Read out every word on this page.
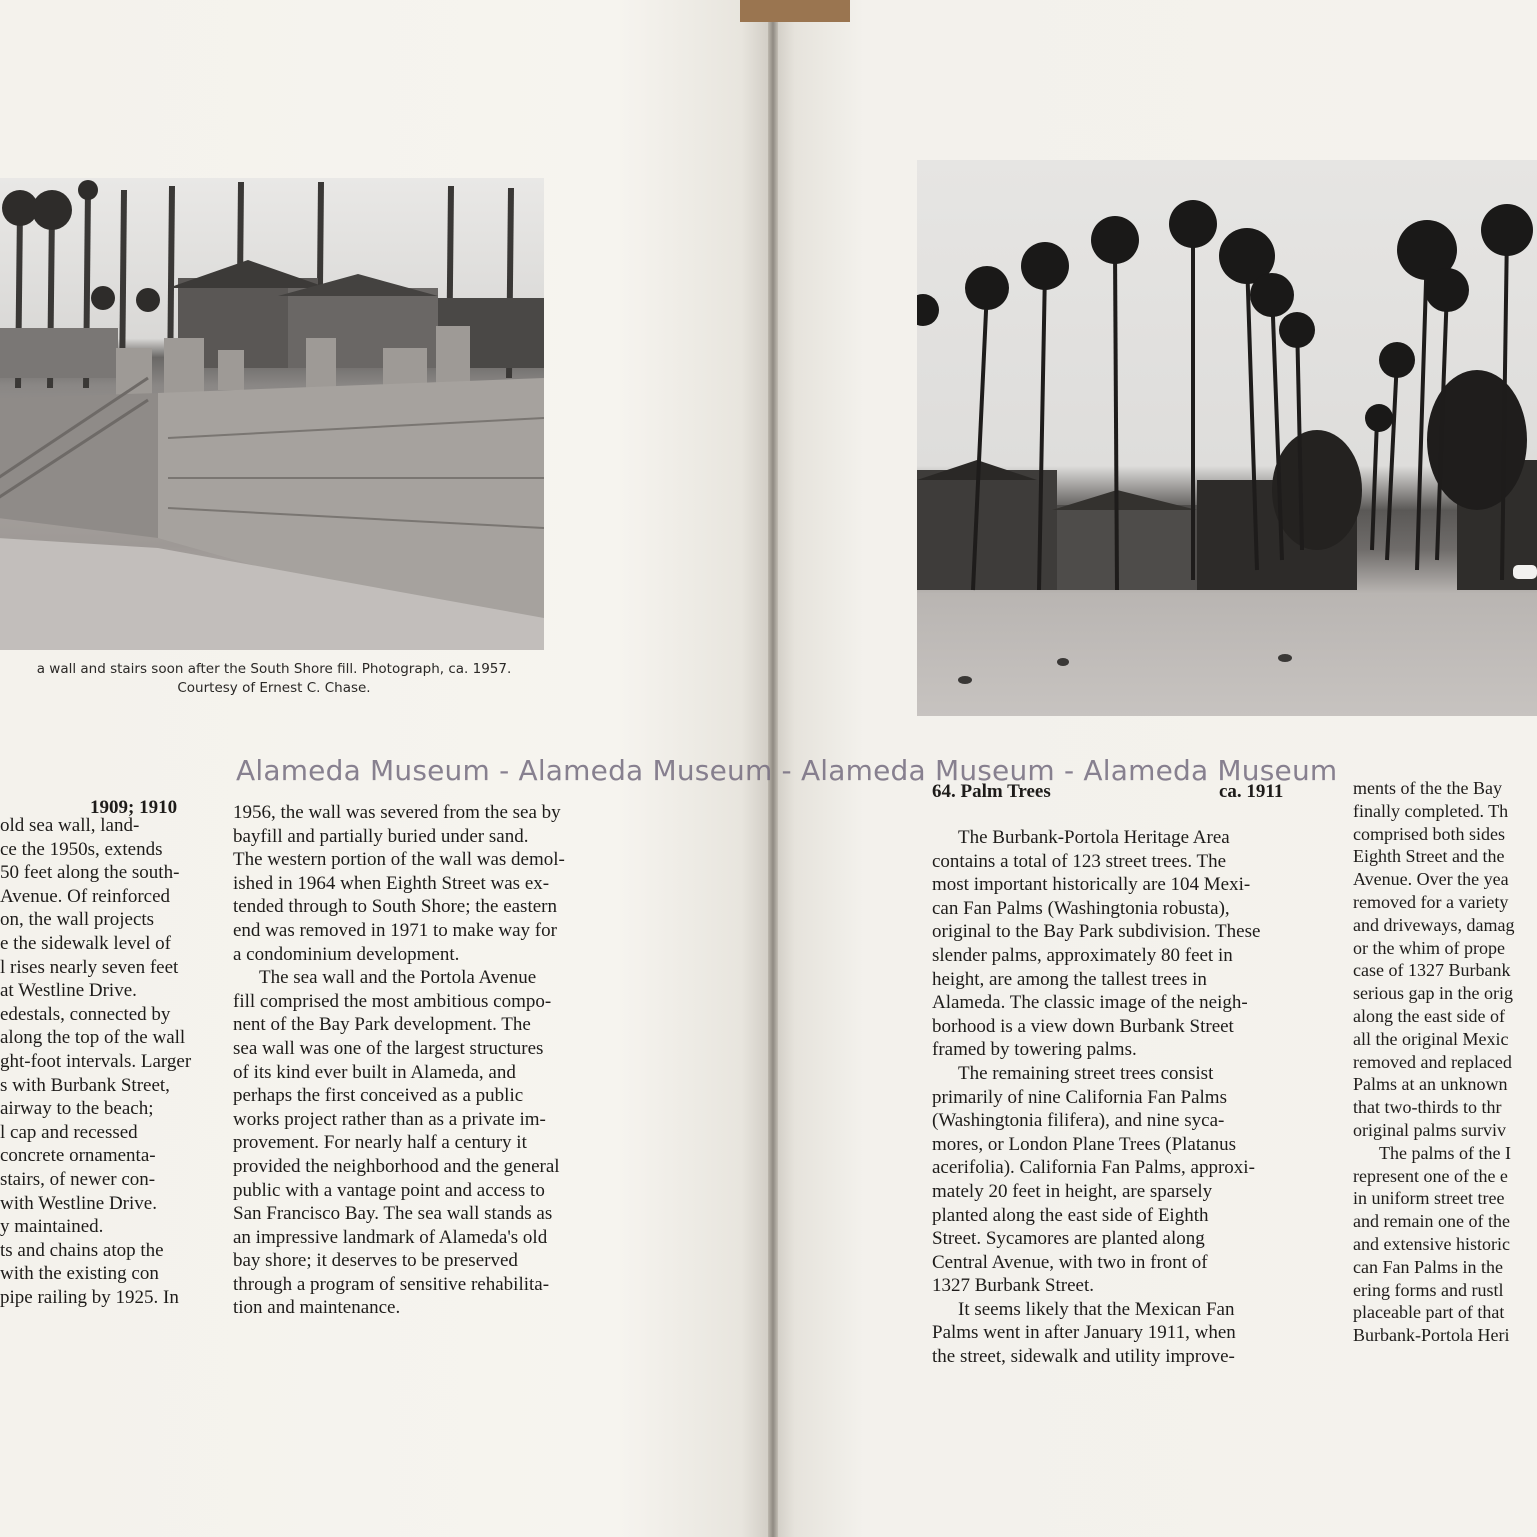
a wall and stairs soon after the South Shore fill. Photograph, ca. 1957.
Courtesy of Ernest C. Chase.
1909; 1910
old sea wall, land-
ce the 1950s, extends
50 feet along the south-
Avenue. Of reinforced
on, the wall projects
e the sidewalk level of
l rises nearly seven feet
at Westline Drive.
edestals, connected by
along the top of the wall
ght-foot intervals. Larger
s with Burbank Street,
airway to the beach;
l cap and recessed
concrete ornamenta-
stairs, of newer con-
with Westline Drive.
y maintained.
ts and chains atop the
with the existing con
pipe railing by 1925. In
1956, the wall was severed from the sea by
bayfill and partially buried under sand.
The western portion of the wall was demol-
ished in 1964 when Eighth Street was ex-
tended through to South Shore; the eastern
end was removed in 1971 to make way for
a condominium development.
The sea wall and the Portola Avenue
fill comprised the most ambitious compo-
nent of the Bay Park development. The
sea wall was one of the largest structures
of its kind ever built in Alameda, and
perhaps the first conceived as a public
works project rather than as a private im-
provement. For nearly half a century it
provided the neighborhood and the general
public with a vantage point and access to
San Francisco Bay. The sea wall stands as
an impressive landmark of Alameda's old
bay shore; it deserves to be preserved
through a program of sensitive rehabilita-
tion and maintenance.
The Burbank-Portola Heritage Area
contains a total of 123 street trees. The
most important historically are 104 Mexi-
can Fan Palms (Washingtonia robusta),
original to the Bay Park subdivision. These
slender palms, approximately 80 feet in
height, are among the tallest trees in
Alameda. The classic image of the neigh-
borhood is a view down Burbank Street
framed by towering palms.
The remaining street trees consist
primarily of nine California Fan Palms
(Washingtonia filifera), and nine syca-
mores, or London Plane Trees (Platanus
acerifolia). California Fan Palms, approxi-
mately 20 feet in height, are sparsely
planted along the east side of Eighth
Street. Sycamores are planted along
Central Avenue, with two in front of
1327 Burbank Street.
It seems likely that the Mexican Fan
Palms went in after January 1911, when
the street, sidewalk and utility improve-
ments of the the Bay
finally completed. Th
comprised both sides
Eighth Street and the
Avenue. Over the yea
removed for a variety
and driveways, damag
or the whim of prope
case of 1327 Burbank
serious gap in the orig
along the east side of
all the original Mexic
removed and replaced
Palms at an unknown
that two-thirds to thr
original palms surviv
The palms of the I
represent one of the e
in uniform street tree
and remain one of the
and extensive historic
can Fan Palms in the
ering forms and rustl
placeable part of that
Burbank-Portola Heri
64. Palm Trees	ca. 1911
Alameda Museum - Alameda Museum - Alameda Museum - Alameda Museum
